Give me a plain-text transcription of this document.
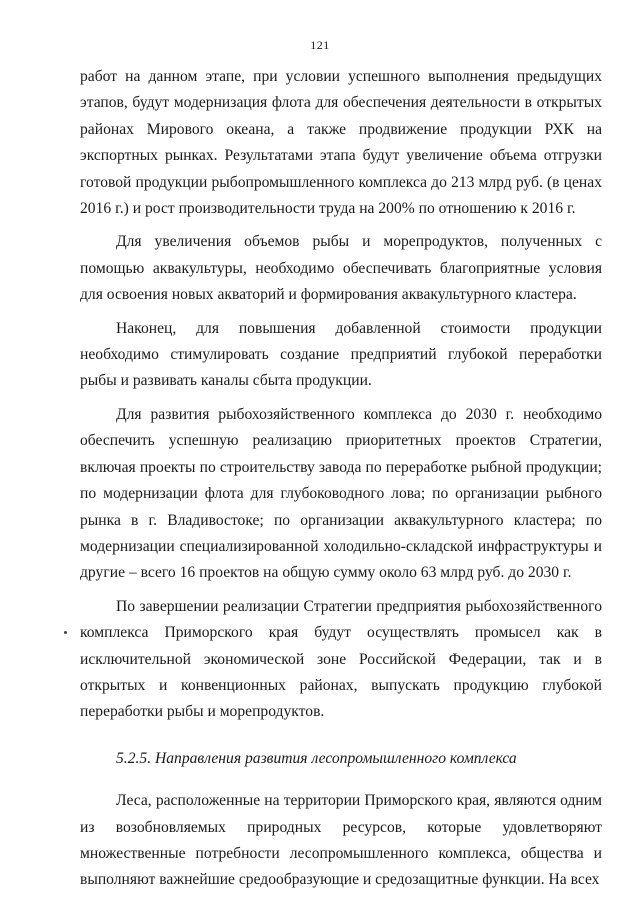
121

работ на данном этапе, при условии успешного выполнения предыдущих этапов, будут модернизация флота для обеспечения деятельности в открытых районах Мирового океана, а также продвижение продукции РХК на экспортных рынках. Результатами этапа будут увеличение объема отгрузки готовой продукции рыбопромышленного комплекса до 213 млрд руб. (в ценах 2016 г.) и рост производительности труда на 200% по отношению к 2016 г.

Для увеличения объемов рыбы и морепродуктов, полученных с помощью аквакультуры, необходимо обеспечивать благоприятные условия для освоения новых акваторий и формирования аквакультурного кластера.

Наконец, для повышения добавленной стоимости продукции необходимо стимулировать создание предприятий глубокой переработки рыбы и развивать каналы сбыта продукции.

Для развития рыбохозяйственного комплекса до 2030 г. необходимо обеспечить успешную реализацию приоритетных проектов Стратегии, включая проекты по строительству завода по переработке рыбной продукции; по модернизации флота для глубоководного лова; по организации рыбного рынка в г. Владивостоке; по организации аквакультурного кластера; по модернизации специализированной холодильно-складской инфраструктуры и другие – всего 16 проектов на общую сумму около 63 млрд руб. до 2030 г.

По завершении реализации Стратегии предприятия рыбохозяйственного комплекса Приморского края будут осуществлять промысел как в исключительной экономической зоне Российской Федерации, так и в открытых и конвенционных районах, выпускать продукцию глубокой переработки рыбы и морепродуктов.

5.2.5. Направления развития лесопромышленного комплекса

Леса, расположенные на территории Приморского края, являются одним из возобновляемых природных ресурсов, которые удовлетворяют множественные потребности лесопромышленного комплекса, общества и выполняют важнейшие средообразующие и средозащитные функции. На всех
